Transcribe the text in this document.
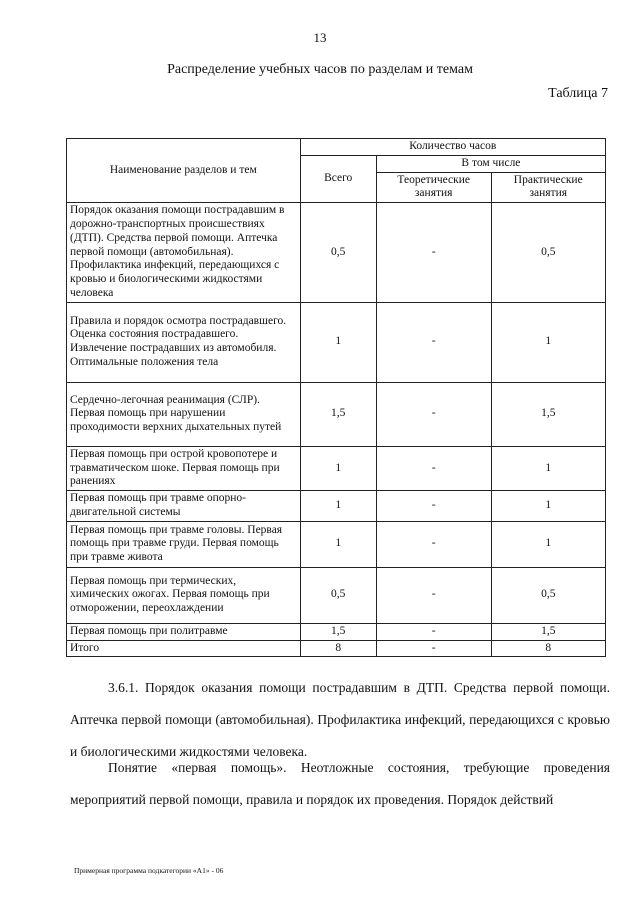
13
Распределение учебных часов по разделам и темам
Таблица 7
Наименование разделов и тем	Количество часов		
	Всего	В том числе	
		Теоретические занятия	Практические занятия
Порядок оказания помощи пострадавшим в дорожно-транспортных происшествиях (ДТП). Средства первой помощи. Аптечка первой помощи (автомобильная). Профилактика инфекций, передающихся с кровью и биологическими жидкостями человека	0,5	-	0,5
Правила и порядок осмотра пострадавшего. Оценка состояния пострадавшего. Извлечение пострадавших из автомобиля. Оптимальные положения тела	1	-	1
Сердечно-легочная реанимация (СЛР). Первая помощь при нарушении проходимости верхних дыхательных путей	1,5	-	1,5
Первая помощь при острой кровопотере и травматическом шоке. Первая помощь при ранениях	1	-	1
Первая помощь при травме опорно-двигательной системы	1	-	1
Первая помощь при травме головы. Первая помощь при травме груди. Первая помощь при травме живота	1	-	1
Первая помощь при термических, химических ожогах. Первая помощь при отморожении, переохлаждении	0,5	-	0,5
Первая помощь при политравме	1,5	-	1,5
Итого	8	-	8
3.6.1. Порядок оказания помощи пострадавшим в ДТП. Средства первой помощи. Аптечка первой помощи (автомобильная). Профилактика инфекций, передающихся с кровью и биологическими жидкостями человека.
Понятие «первая помощь». Неотложные состояния, требующие проведения мероприятий первой помощи, правила и порядок их проведения. Порядок действий
Примерная программа подкатегории «А1» - 06
